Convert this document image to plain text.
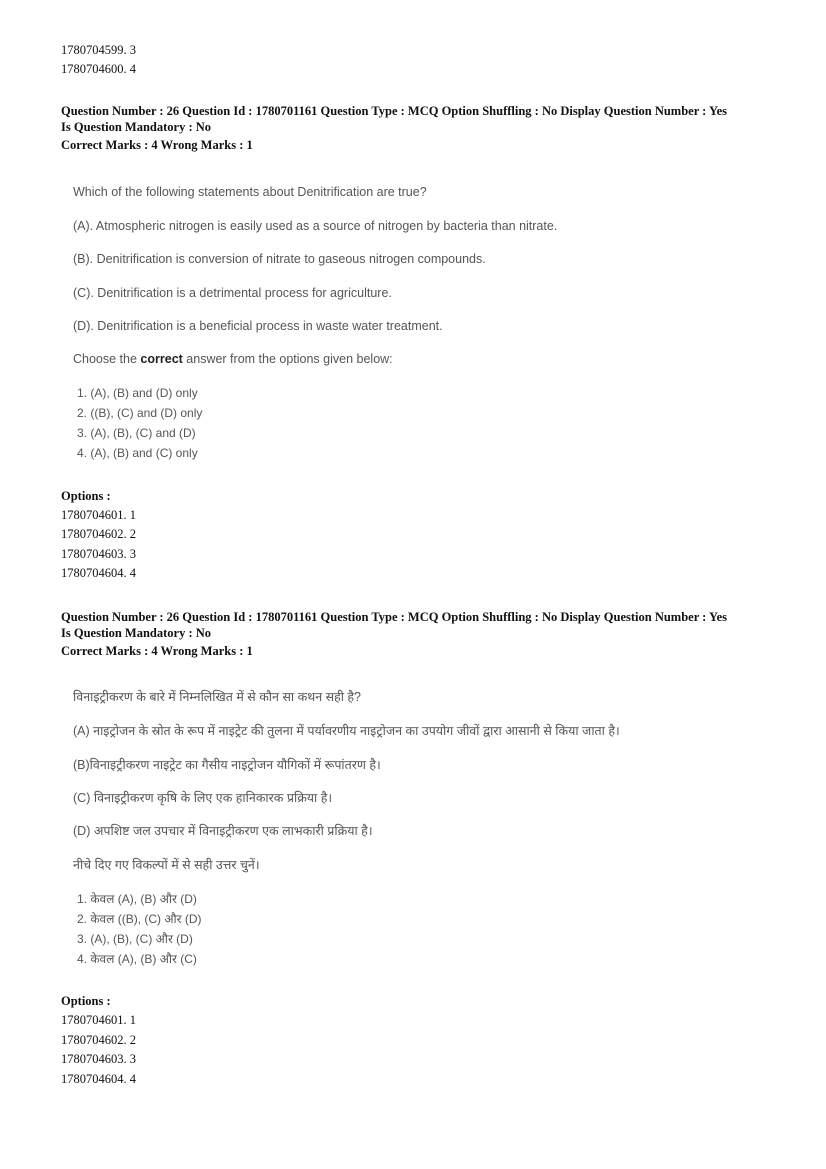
1780704599. 3
1780704600. 4
Question Number : 26 Question Id : 1780701161 Question Type : MCQ Option Shuffling : No Display Question Number : Yes
Is Question Mandatory : No
Correct Marks : 4 Wrong Marks : 1
Which of the following statements about Denitrification are true?
(A). Atmospheric nitrogen is easily used as a source of nitrogen by bacteria than nitrate.
(B). Denitrification is conversion of nitrate to gaseous nitrogen compounds.
(C). Denitrification is a detrimental process for agriculture.
(D). Denitrification is a beneficial process in waste water treatment.
Choose the correct answer from the options given below:
1. (A), (B) and (D) only
2. ((B), (C) and (D) only
3. (A), (B), (C) and (D)
4. (A), (B) and (C) only
Options :
1780704601. 1
1780704602. 2
1780704603. 3
1780704604. 4
Question Number : 26 Question Id : 1780701161 Question Type : MCQ Option Shuffling : No Display Question Number : Yes
Is Question Mandatory : No
Correct Marks : 4 Wrong Marks : 1
विनाइट्रीकरण के बारे में निम्नलिखित में से कौन सा कथन सही है?
(A) नाइट्रोजन के स्रोत के रूप में नाइट्रेट की तुलना में पर्यावरणीय नाइट्रोजन का उपयोग जीवों द्वारा आसानी से किया जाता है।
(B)विनाइट्रीकरण नाइट्रेट का गैसीय नाइट्रोजन यौगिकों में रूपांतरण है।
(C) विनाइट्रीकरण कृषि के लिए एक हानिकारक प्रक्रिया है।
(D) अपशिष्ट जल उपचार में विनाइट्रीकरण एक लाभकारी प्रक्रिया है।
नीचे दिए गए विकल्पों में से सही उत्तर चुनें।
1. केवल (A), (B) और (D)
2. केवल ((B), (C) और (D)
3. (A), (B), (C) और (D)
4. केवल (A), (B) और (C)
Options :
1780704601. 1
1780704602. 2
1780704603. 3
1780704604. 4
